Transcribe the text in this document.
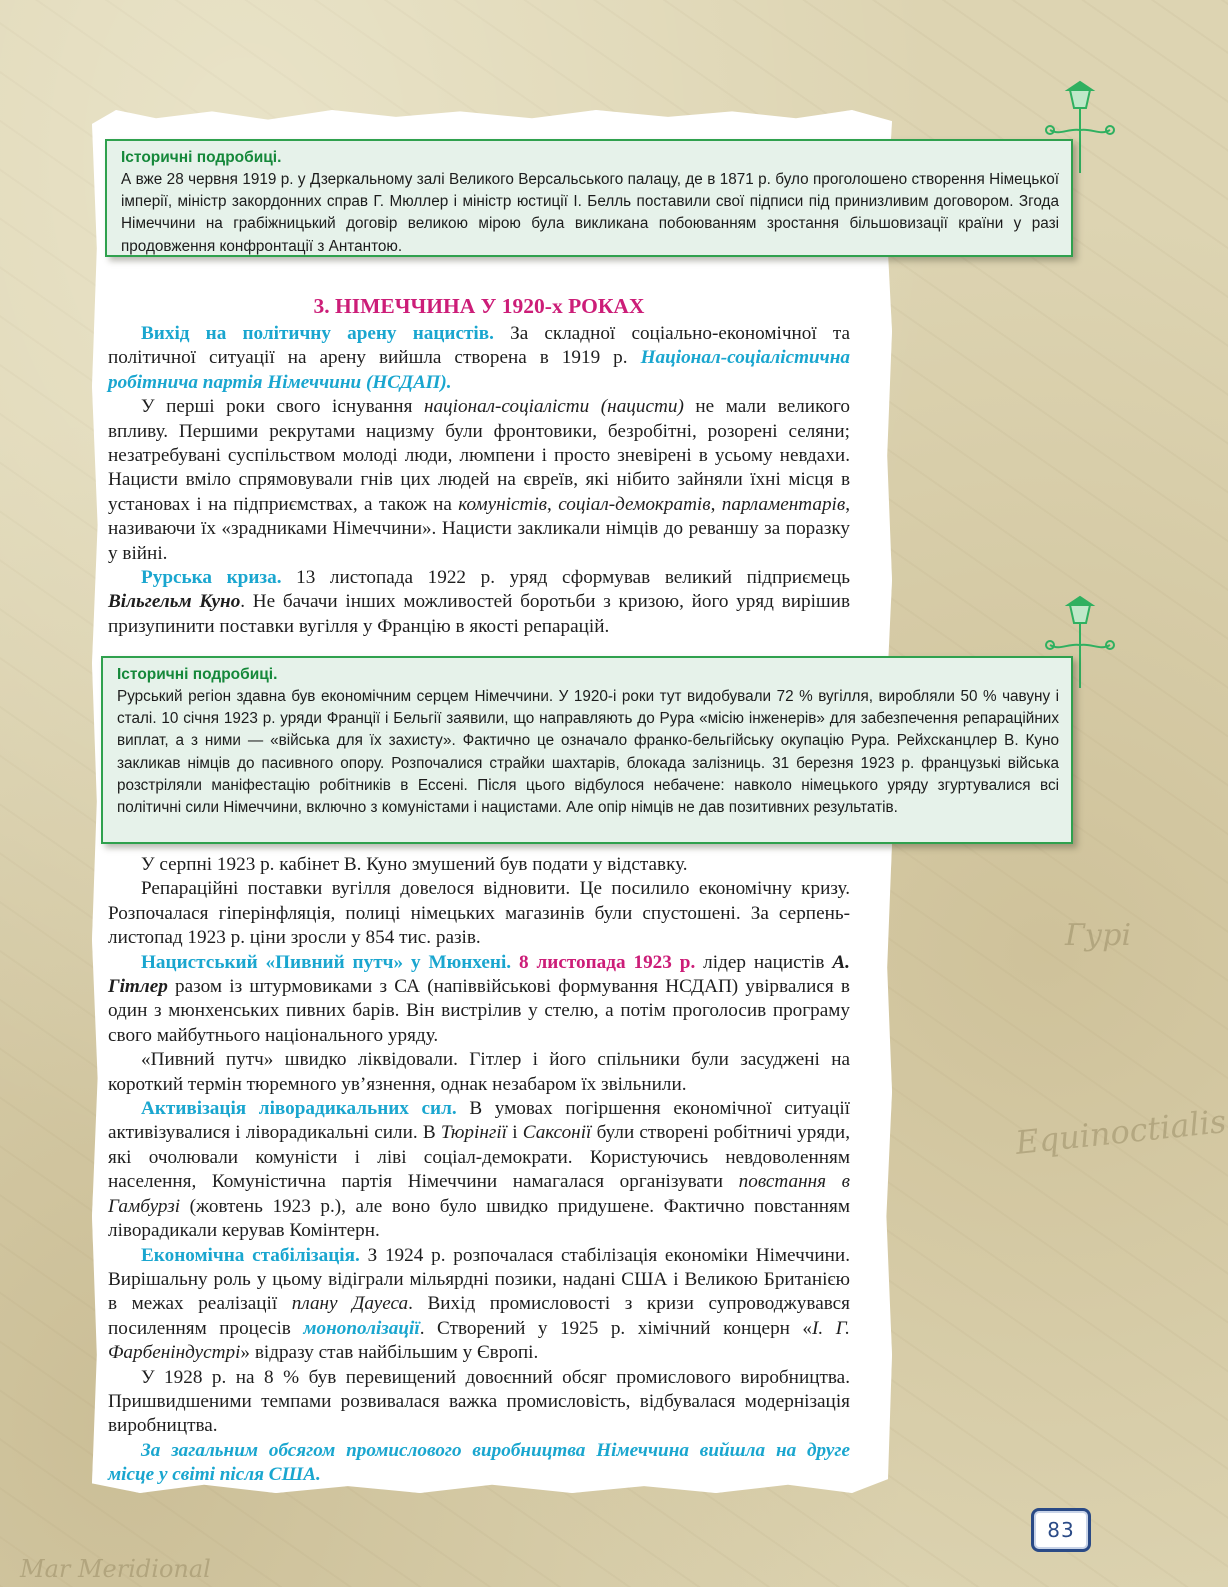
Гурі
Equinoctialis
Mar Meridional
Історичні подробиці.

А вже 28 червня 1919 р. у Дзеркальному залі Великого Версальського палацу, де в 1871 р. було проголошено створення Німецької імперії, міністр закордонних справ Г. Мюллер і міністр юстиції І. Белль поставили свої підписи під принизливим договором. Згода Німеччини на грабіжницький договір великою мірою була викликана побоюванням зростання більшовизації країни у разі продовження конфронтації з Антантою.

3. НІМЕЧЧИНА У 1920-х РОКАХ

Вихід на політичну арену нацистів. За складної соціально-економічної та політичної ситуації на арену вийшла створена в 1919 р. Націонал-соціалістична робітнича партія Німеччини (НСДАП).

У перші роки свого існування націонал-соціалісти (нацисти) не мали великого впливу. Першими рекрутами нацизму були фронтовики, безробітні, розорені селяни; незатребувані суспільством молоді люди, люмпени і просто зневірені в усьому невдахи. Нацисти вміло спрямовували гнів цих людей на євреїв, які нібито зайняли їхні місця в установах і на підприємствах, а також на комуністів, соціал-демократів, парламентарів, називаючи їх «зрадниками Німеччини». Нацисти закликали німців до реваншу за поразку у війні.

Рурська криза. 13 листопада 1922 р. уряд сформував великий підприємець Вільгельм Куно. Не бачачи інших можливостей боротьби з кризою, його уряд вирішив призупинити поставки вугілля у Францію в якості репарацій.

Історичні подробиці.

Рурський регіон здавна був економічним серцем Німеччини. У 1920-і роки тут видобували 72 % вугілля, виробляли 50 % чавуну і сталі. 10 січня 1923 р. уряди Франції і Бельгії заявили, що направляють до Рура «місію інженерів» для забезпечення репараційних виплат, а з ними — «війська для їх захисту». Фактично це означало франко-бельгійську окупацію Рура. Рейхсканцлер В. Куно закликав німців до пасивного опору. Розпочалися страйки шахтарів, блокада залізниць. 31 березня 1923 р. французькі війська розстріляли маніфестацію робітників в Ессені. Після цього відбулося небачене: навколо німецького уряду згуртувалися всі політичні сили Німеччини, включно з комуністами і нацистами. Але опір німців не дав позитивних результатів.

У серпні 1923 р. кабінет В. Куно змушений був подати у відставку.

Репараційні поставки вугілля довелося відновити. Це посилило економічну кризу. Розпочалася гіперінфляція, полиці німецьких магазинів були спустошені. За серпень-листопад 1923 р. ціни зросли у 854 тис. разів.

Нацистський «Пивний путч» у Мюнхені. 8 листопада 1923 р. лідер нацистів А. Гітлер разом із штурмовиками з СА (напіввійськові формування НСДАП) увірвалися в один з мюнхенських пивних барів. Він вистрілив у стелю, а потім проголосив програму свого майбутнього національного уряду.

«Пивний путч» швидко ліквідовали. Гітлер і його спільники були засуджені на короткий термін тюремного ув’язнення, однак незабаром їх звільнили.

Активізація ліворадикальних сил. В умовах погіршення економічної ситуації активізувалися і ліворадикальні сили. В Тюрінгії і Саксонії були створені робітничі уряди, які очолювали комуністи і ліві соціал-демократи. Користуючись невдоволенням населення, Комуністична партія Німеччини намагалася організувати повстання в Гамбурзі (жовтень 1923 р.), але воно було швидко придушене. Фактично повстанням ліворадикали керував Комінтерн.

Економічна стабілізація. З 1924 р. розпочалася стабілізація економіки Німеччини. Вирішальну роль у цьому відіграли мільярдні позики, надані США і Великою Британією в межах реалізації плану Дауеса. Вихід промисловості з кризи супроводжувався посиленням процесів монополізації. Створений у 1925 р. хімічний концерн «І. Г. Фарбеніндустрі» відразу став найбільшим у Європі.

У 1928 р. на 8 % був перевищений довоєнний обсяг промислового виробництва. Пришвидшеними темпами розвивалася важка промисловість, відбувалася модернізація виробництва.

За загальним обсягом промислового виробництва Німеччина вийшла на друге місце у світі після США.

83
